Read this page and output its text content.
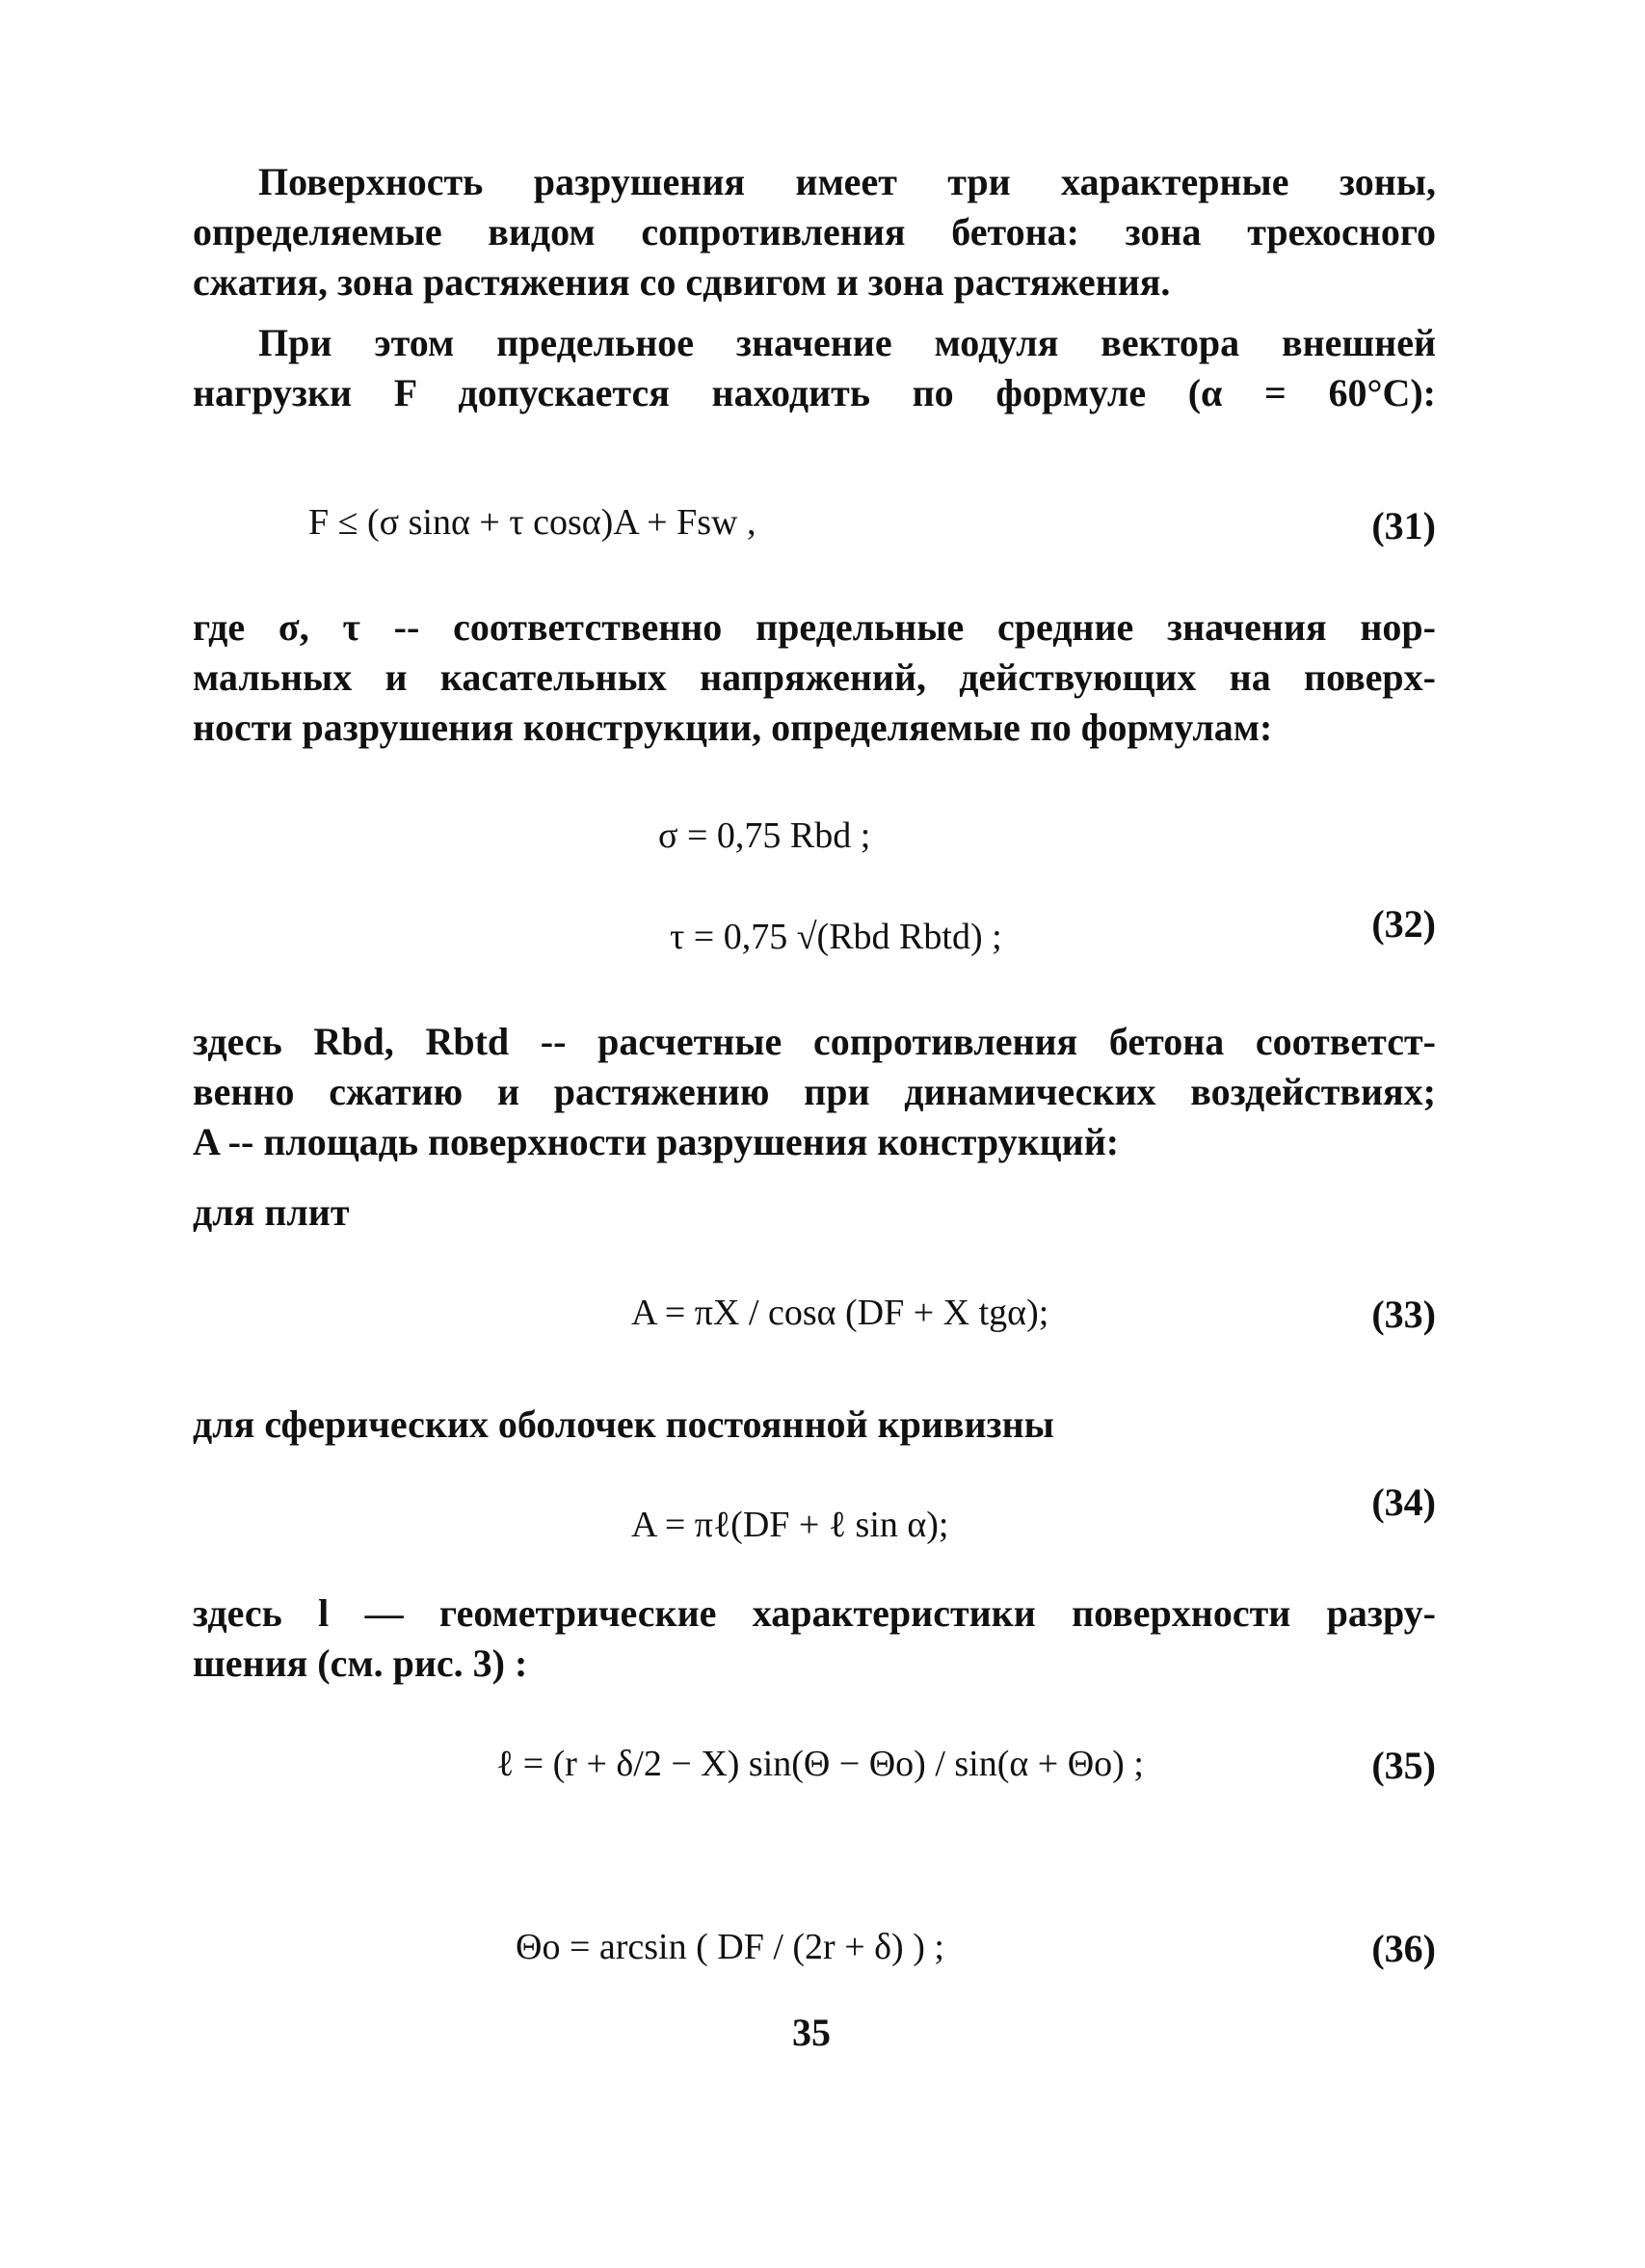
Поверхность разрушения имеет три характерные зоны,
определяемые видом сопротивления бетона: зона трехосного
сжатия, зона растяжения со сдвигом и зона растяжения.
При этом предельное значение модуля вектора внешней
нагрузки F допускается находить по формуле (α = 60°C):
F ≤ (σ sinα + τ cosα)A + Fsw ,	(31)
где σ, τ -- соответственно предельные средние значения нор-
мальных и касательных напряжений, действующих на поверх-
ности разрушения конструкции, определяемые по формулам:
σ = 0,75 Rbd ;
τ = 0,75 √(Rbd Rbtd) ;	(32)
здесь Rbd, Rbtd -- расчетные сопротивления бетона соответст-
венно сжатию и растяжению при динамических воздействиях;
A -- площадь поверхности разрушения конструкций:
для плит
A = πX / cosα (DF + X tgα);	(33)
для сферических оболочек постоянной кривизны
A = πℓ(DF + ℓ sin α);
(34)
здесь l — геометрические характеристики поверхности разру-
шения (см. рис. 3) :
ℓ = (r + δ/2 − X) sin(Θ − Θo) / sin(α + Θo) ;	(35)
Θo = arcsin ( DF / (2r + δ) ) ;	(36)
35
